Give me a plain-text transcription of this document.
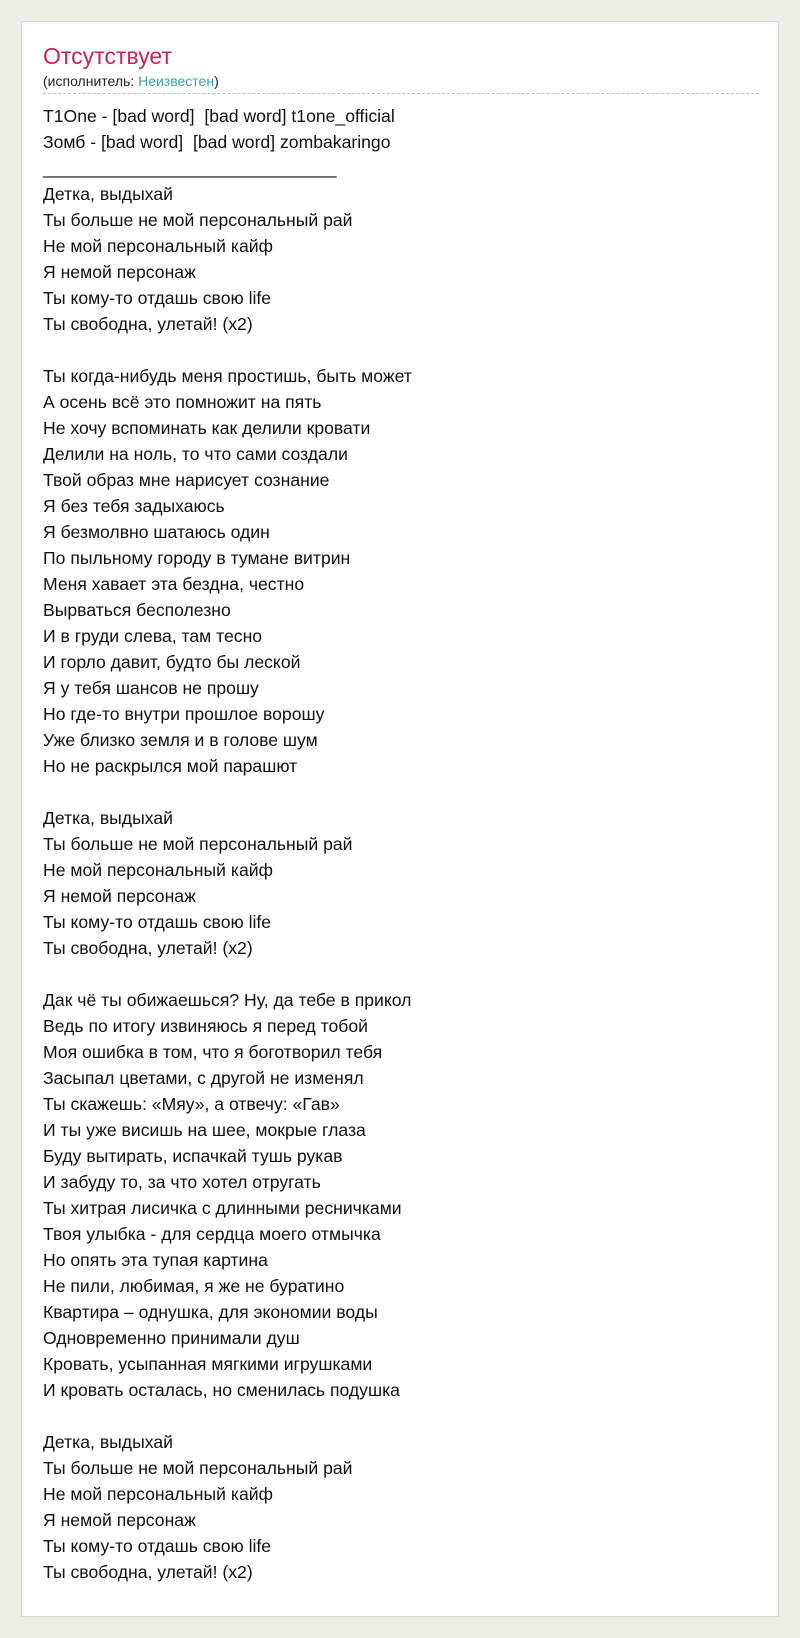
Отсутствует
(исполнитель: Неизвестен)
T1One - [bad word]  [bad word] t1one_official
Зомб - [bad word]  [bad word] zombakaringo
______________________________
Детка, выдыхай
Ты больше не мой персональный рай
Не мой персональный кайф
Я немой персонаж
Ты кому-то отдашь свою life
Ты свободна, улетай! (x2)

Ты когда-нибудь меня простишь, быть может
А осень всё это помножит на пять
Не хочу вспоминать как делили кровати
Делили на ноль, то что сами создали
Твой образ мне нарисует сознание
Я без тебя задыхаюсь
Я безмолвно шатаюсь один
По пыльному городу в тумане витрин
Меня хавает эта бездна, честно
Вырваться бесполезно
И в груди слева, там тесно
И горло давит, будто бы леской
Я у тебя шансов не прошу
Но где-то внутри прошлое ворошу
Уже близко земля и в голове шум
Но не раскрылся мой парашют

Детка, выдыхай
Ты больше не мой персональный рай
Не мой персональный кайф
Я немой персонаж
Ты кому-то отдашь свою life
Ты свободна, улетай! (x2)

Дак чё ты обижаешься? Ну, да тебе в прикол
Ведь по итогу извиняюсь я перед тобой
Моя ошибка в том, что я боготворил тебя
Засыпал цветами, с другой не изменял
Ты скажешь: «Мяу», а отвечу: «Гав»
И ты уже висишь на шее, мокрые глаза
Буду вытирать, испачкай тушь рукав
И забуду то, за что хотел отругать
Ты хитрая лисичка с длинными ресничками
Твоя улыбка - для сердца моего отмычка
Но опять эта тупая картина
Не пили, любимая, я же не буратино
Квартира – однушка, для экономии воды
Одновременно принимали душ
Кровать, усыпанная мягкими игрушками
И кровать осталась, но сменилась подушка

Детка, выдыхай
Ты больше не мой персональный рай
Не мой персональный кайф
Я немой персонаж
Ты кому-то отдашь свою life
Ты свободна, улетай! (x2)
